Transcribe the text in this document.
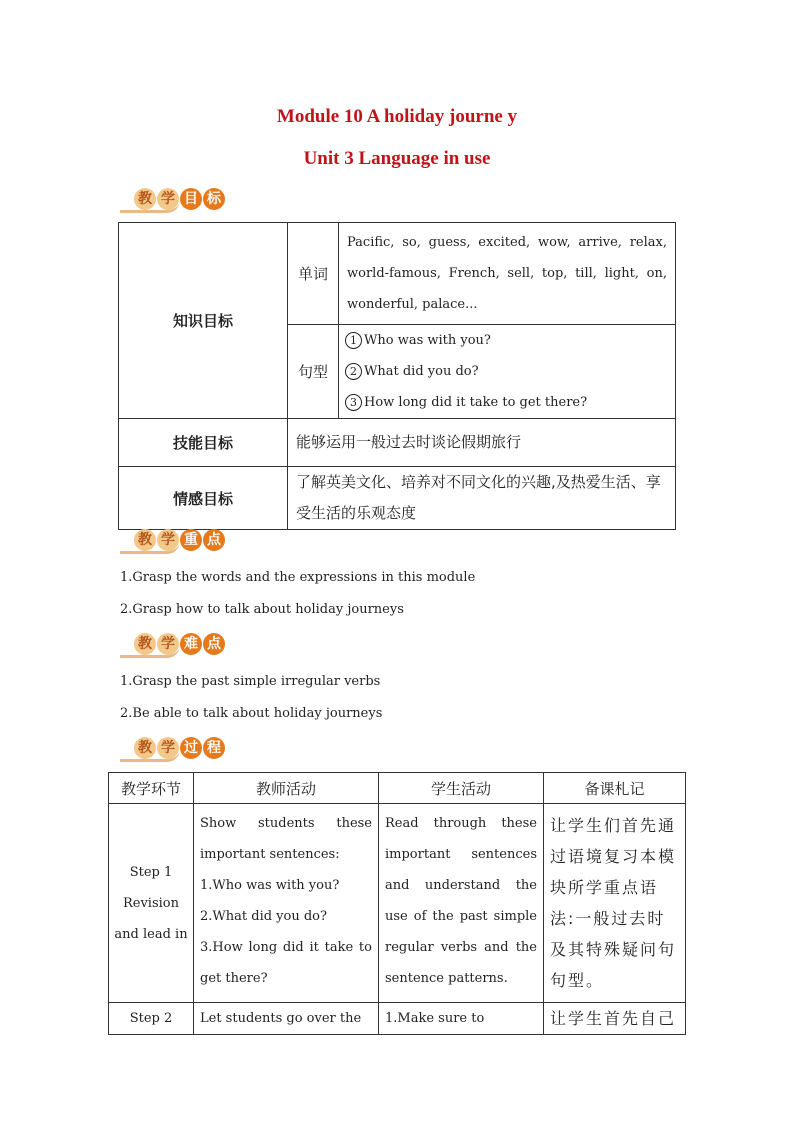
Module 10 A holiday journe y
Unit 3 Language in use
教 学 目 标
知识目标	单词	Pacific, so, guess, excited, wow, arrive, relax, world-famous, French, sell, top, till, light, on, wonderful, palace...
	句型	1 Who was with you?
2 What did you do?
3 How long did it take to get there?

技能目标	能够运用一般过去时谈论假期旅行	
情感目标	了解英美文化、培养对不同文化的兴趣,及热爱生活、享受生活的乐观态度	
教 学 重 点
1.Grasp the words and the expressions in this module
2.Grasp how to talk about holiday journeys
教 学 难 点
1.Grasp the past simple irregular verbs
2.Be able to talk about holiday journeys
教 学 过 程
教学环节	教师活动	学生活动	备课札记
Step 1
Revision
and lead in	Show students these important sentences:
1.Who was with you?
2.What did you do?
3.How long did it take to get there?	Read through these important sentences and understand the use of the past simple regular verbs and the sentence patterns.	让学生们首先通过语境复习本模块所学重点语法:一般过去时及其特殊疑问句句型。
Step 2	Let students go over the	1.Make sure to	让学生首先自己
